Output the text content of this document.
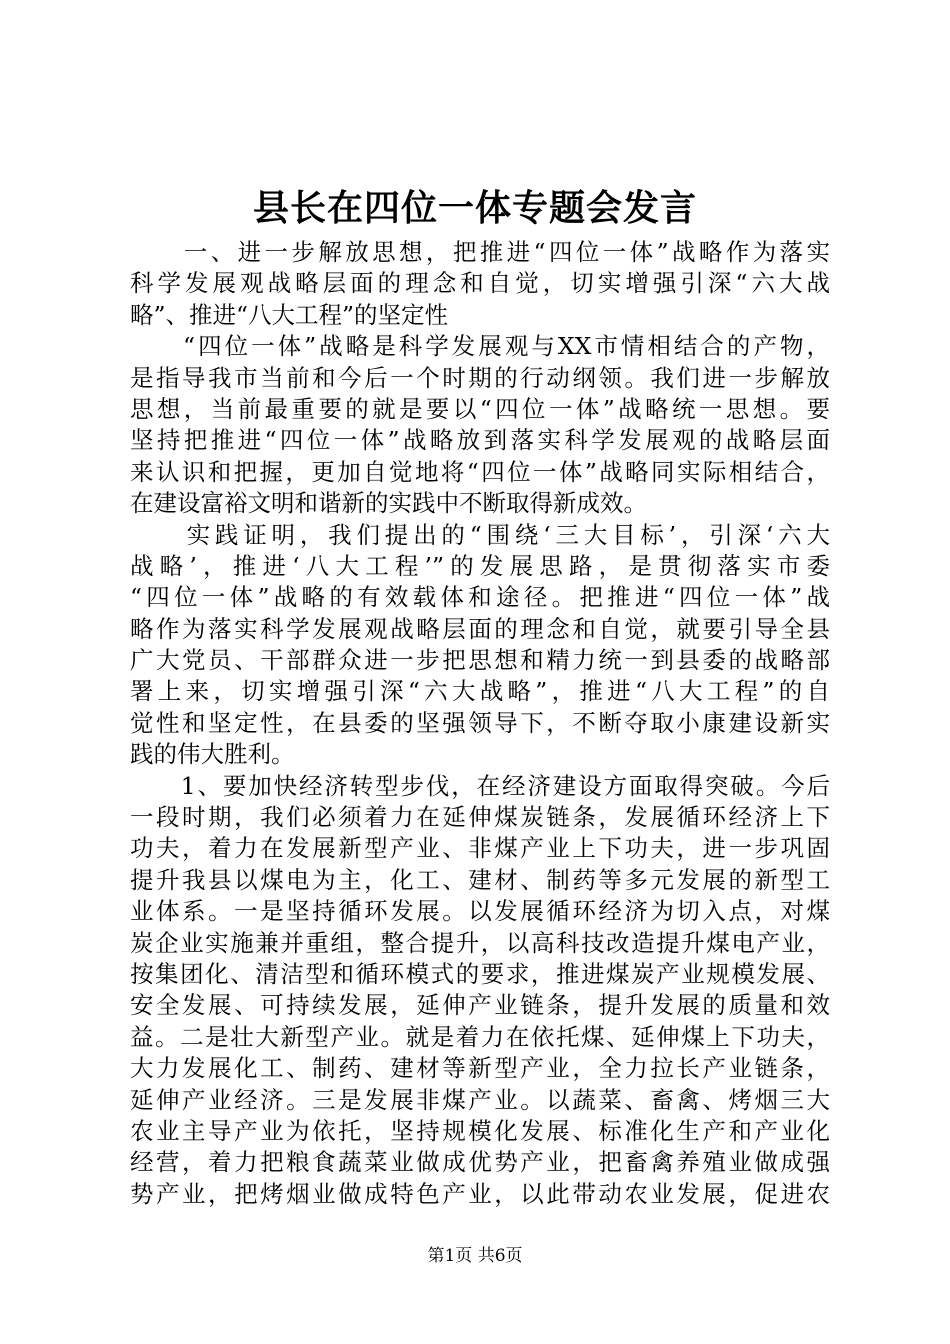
县长在四位一体专题会发言
　　一、进一步解放思想，把推进“四位一体”战略作为落实
科学发展观战略层面的理念和自觉，切实增强引深“六大战
略”、推进“八大工程”的坚定性
　　“四位一体”战略是科学发展观与XX市情相结合的产物，
是指导我市当前和今后一个时期的行动纲领。我们进一步解放
思想，当前最重要的就是要以“四位一体”战略统一思想。要
坚持把推进“四位一体”战略放到落实科学发展观的战略层面
来认识和把握，更加自觉地将“四位一体”战略同实际相结合，
在建设富裕文明和谐新的实践中不断取得新成效。
　　实践证明，我们提出的“围绕‘三大目标’，引深‘六大
战略’，推进‘八大工程’”的发展思路，是贯彻落实市委
“四位一体”战略的有效载体和途径。把推进“四位一体”战
略作为落实科学发展观战略层面的理念和自觉，就要引导全县
广大党员、干部群众进一步把思想和精力统一到县委的战略部
署上来，切实增强引深“六大战略”，推进“八大工程”的自
觉性和坚定性，在县委的坚强领导下，不断夺取小康建设新实
践的伟大胜利。
　　1、要加快经济转型步伐，在经济建设方面取得突破。今后
一段时期，我们必须着力在延伸煤炭链条，发展循环经济上下
功夫，着力在发展新型产业、非煤产业上下功夫，进一步巩固
提升我县以煤电为主，化工、建材、制药等多元发展的新型工
业体系。一是坚持循环发展。以发展循环经济为切入点，对煤
炭企业实施兼并重组，整合提升，以高科技改造提升煤电产业，
按集团化、清洁型和循环模式的要求，推进煤炭产业规模发展、
安全发展、可持续发展，延伸产业链条，提升发展的质量和效
益。二是壮大新型产业。就是着力在依托煤、延伸煤上下功夫，
大力发展化工、制药、建材等新型产业，全力拉长产业链条，
延伸产业经济。三是发展非煤产业。以蔬菜、畜禽、烤烟三大
农业主导产业为依托，坚持规模化发展、标准化生产和产业化
经营，着力把粮食蔬菜业做成优势产业，把畜禽养殖业做成强
势产业，把烤烟业做成特色产业，以此带动农业发展，促进农
第1页 共6页
